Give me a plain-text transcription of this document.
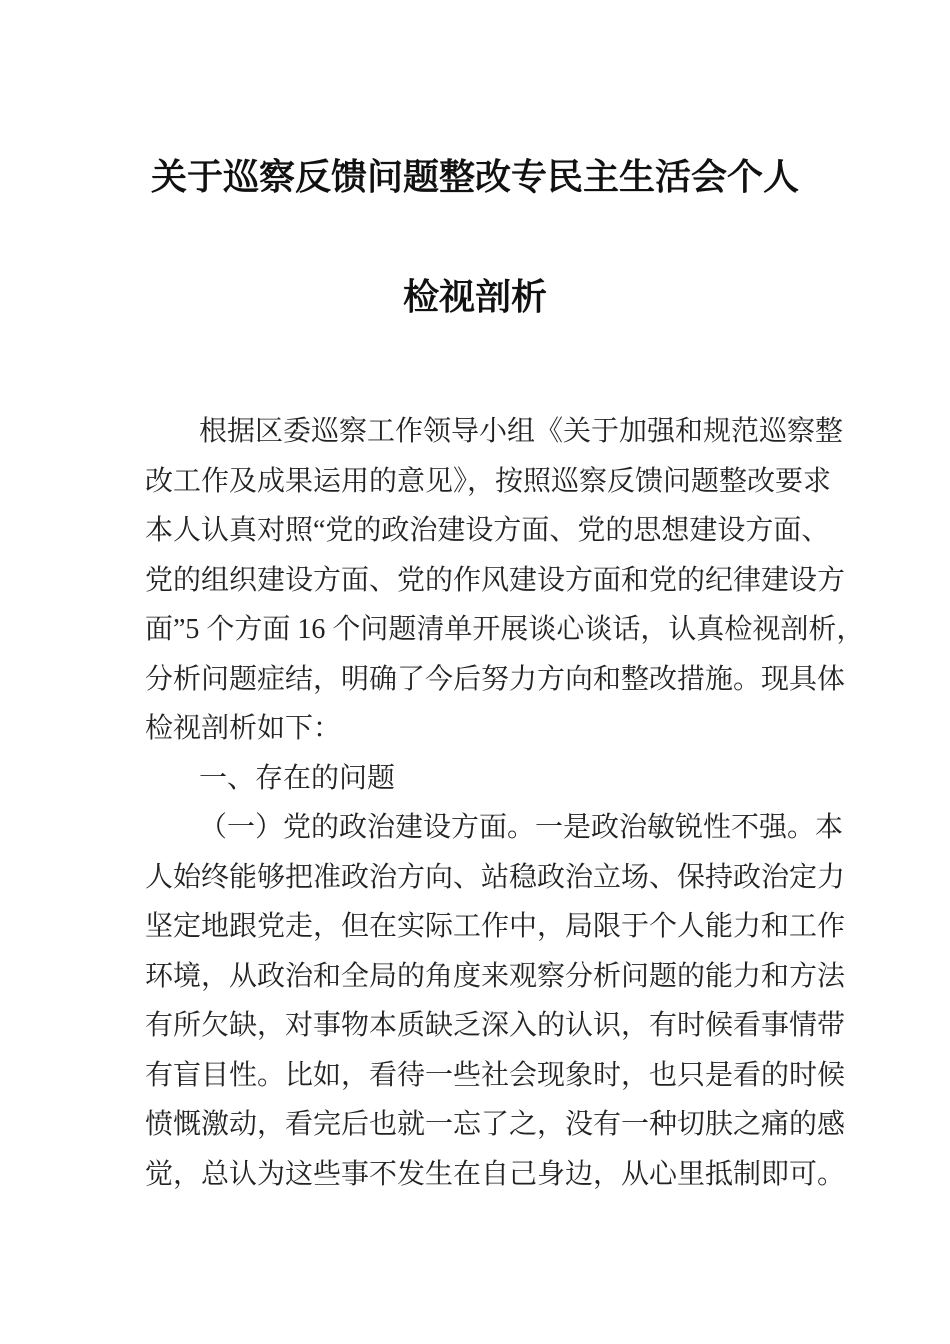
关于巡察反馈问题整改专民主生活会个人
检视剖析
根据区委巡察工作领导小组《关于加强和规范巡察整
改工作及成果运用的意见》，按照巡察反馈问题整改要求
本人认真对照“党的政治建设方面、党的思想建设方面、
党的组织建设方面、党的作风建设方面和党的纪律建设方
面”5 个方面 16 个问题清单开展谈心谈话，认真检视剖析，
分析问题症结，明确了今后努力方向和整改措施。现具体
检视剖析如下：
一、存在的问题
（一）党的政治建设方面。一是政治敏锐性不强。本
人始终能够把准政治方向、站稳政治立场、保持政治定力
坚定地跟党走，但在实际工作中，局限于个人能力和工作
环境，从政治和全局的角度来观察分析问题的能力和方法
有所欠缺，对事物本质缺乏深入的认识，有时候看事情带
有盲目性。比如，看待一些社会现象时，也只是看的时候
愤慨激动，看完后也就一忘了之，没有一种切肤之痛的感
觉，总认为这些事不发生在自己身边，从心里抵制即可。
